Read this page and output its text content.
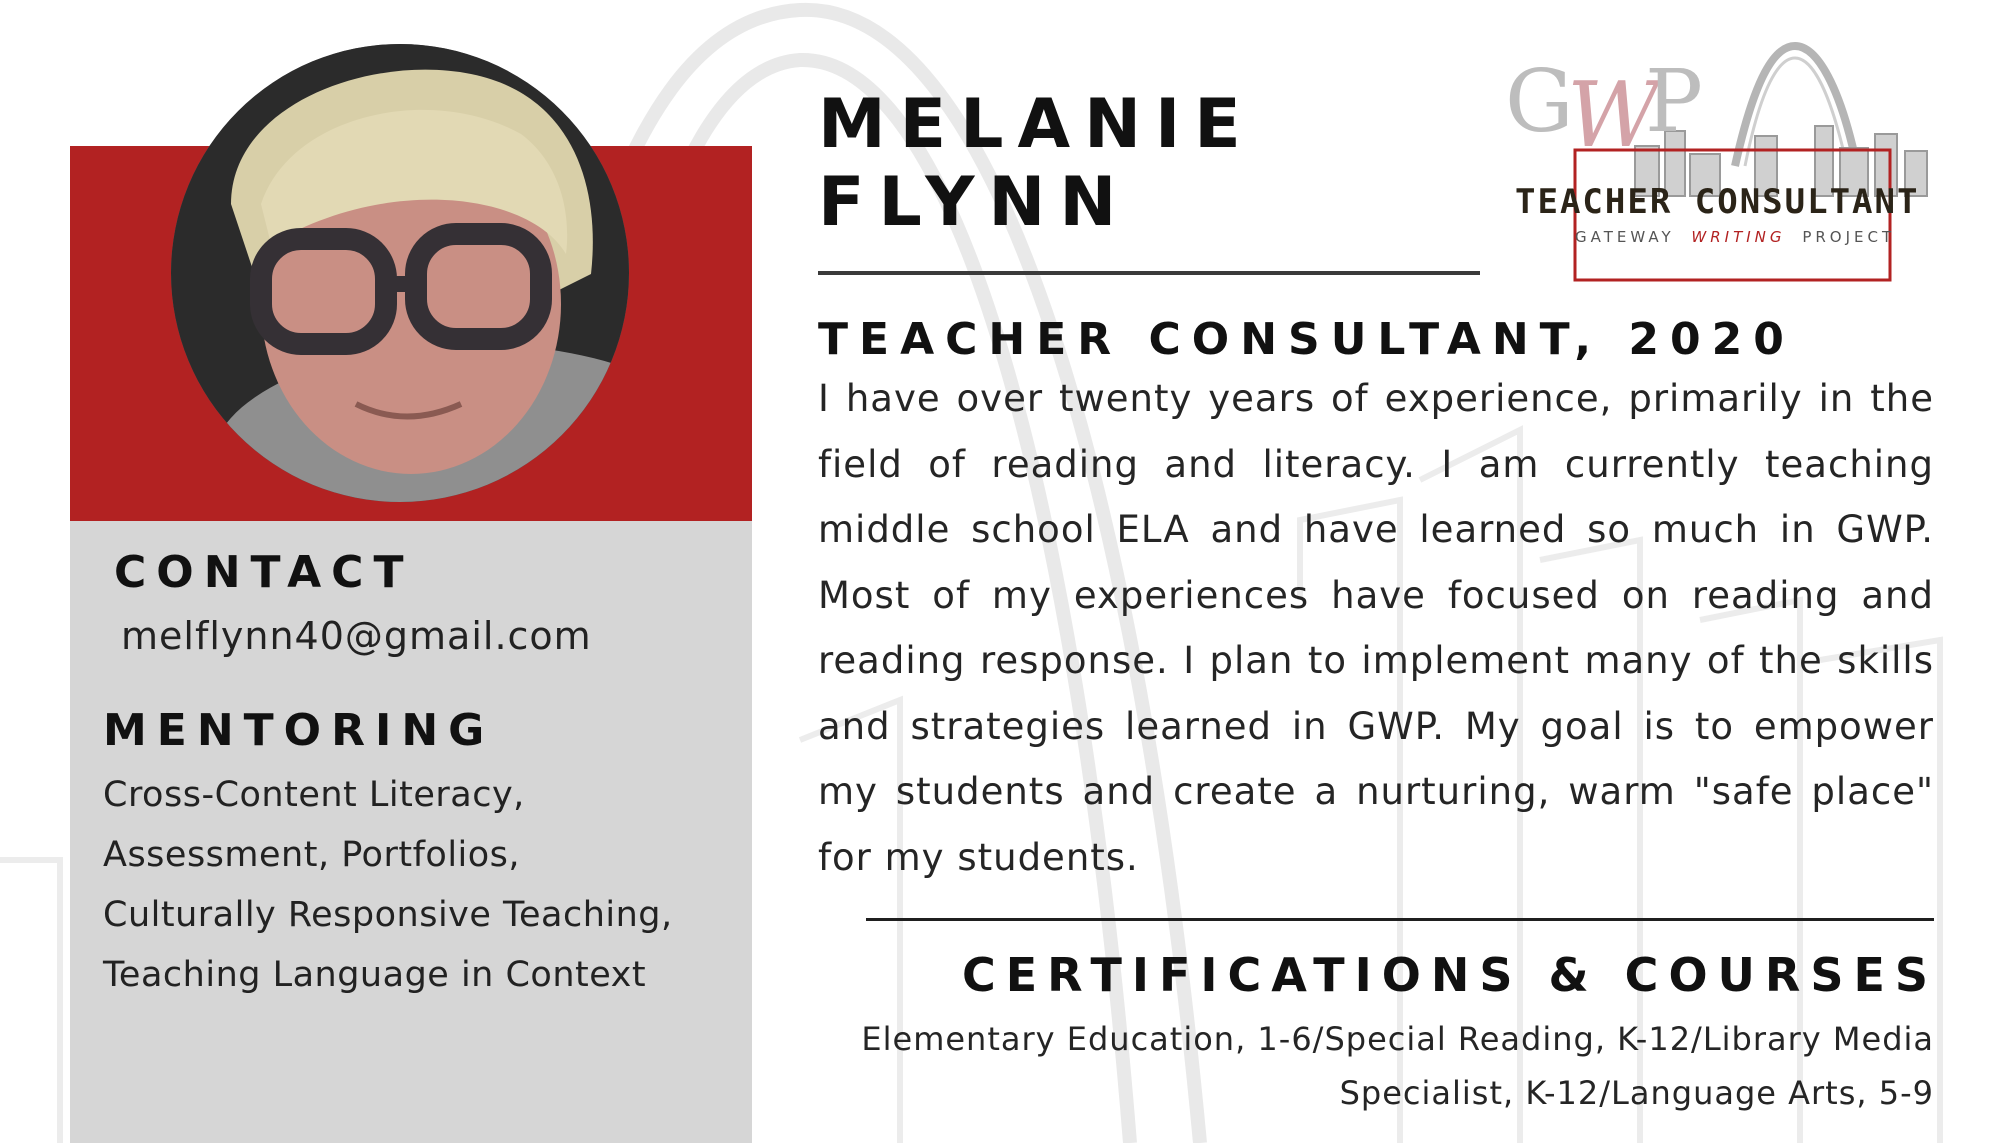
CONTACT
melflynn40@gmail.com
MENTORING
Cross-Content Literacy,
Assessment, Portfolios,
Culturally Responsive Teaching,
Teaching Language in Context
MELANIE
FLYNN
TEACHER CONSULTANT, 2020

I have over twenty years of experience, primarily in the field of reading and literacy. I am currently teaching middle school ELA and have learned so much in GWP. Most of my experiences have focused on reading and reading response. I plan to implement many of the skills and strategies learned in GWP. My goal is to empower my students and create a nurturing, warm "safe place" for my students.

CERTIFICATIONS & COURSES

Elementary Education, 1-6/Special Reading, K-12/Library Media Specialist, K-12/Language Arts, 5-9

G
W
P
TEACHER CONSULTANT
GATEWAY WRITING PROJECT
